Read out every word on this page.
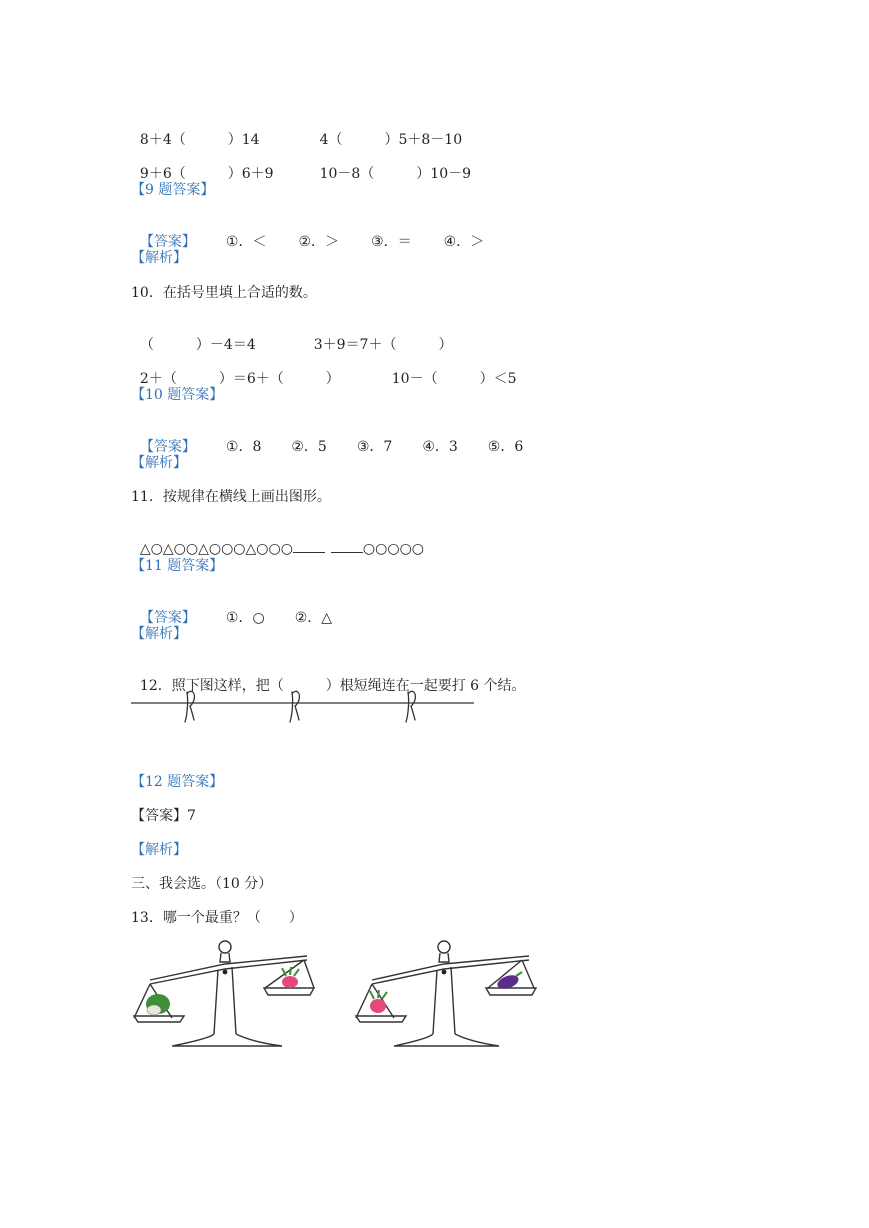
8＋4（	）14	4（	）5＋8－10

9＋6（	）6＋9	10－8（	）10－9

【9 题答案】

【答案】 ①．＜ ②．＞ ③．＝ ④．＞

【解析】
10．在括号里填上合适的数。

（	）－4＝4	3＋9＝7＋（	）

2＋（	）＝6＋（	）	10－（	）＜5

【10 题答案】

【答案】 ①．8 ②．5 ③．7 ④．3 ⑤．6

【解析】
11．按规律在横线上画出图形。

△○△○○△○○○△○○○	○○○○○

【11 题答案】

【答案】 ①．○ ②．△

【解析】

12．照下图这样，把（	）根短绳连在一起要打 6 个结。

【12 题答案】
【答案】7
【解析】
三、我会选。（10 分）
13．哪一个最重？（　　）
